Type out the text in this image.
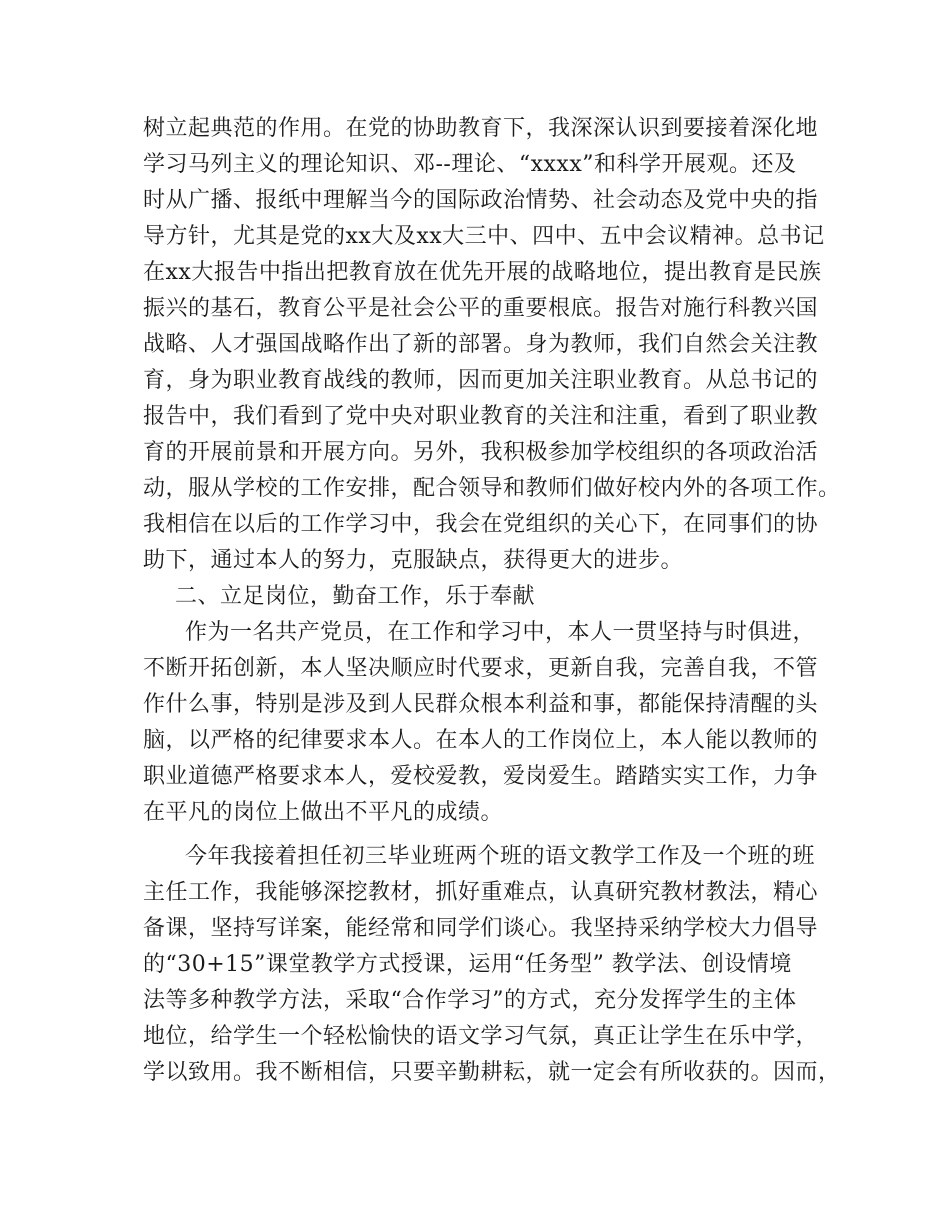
树立起典范的作用。在党的协助教育下，我深深认识到要接着深化地
学习马列主义的理论知识、邓--理论、“xxxx”和科学开展观。还及
时从广播、报纸中理解当今的国际政治情势、社会动态及党中央的指
导方针，尤其是党的xx大及xx大三中、四中、五中会议精神。总书记
在xx大报告中指出把教育放在优先开展的战略地位，提出教育是民族
振兴的基石，教育公平是社会公平的重要根底。报告对施行科教兴国
战略、人才强国战略作出了新的部署。身为教师，我们自然会关注教
育，身为职业教育战线的教师，因而更加关注职业教育。从总书记的
报告中，我们看到了党中央对职业教育的关注和注重，看到了职业教
育的开展前景和开展方向。另外，我积极参加学校组织的各项政治活
动，服从学校的工作安排，配合领导和教师们做好校内外的各项工作。
我相信在以后的工作学习中，我会在党组织的关心下，在同事们的协
助下，通过本人的努力，克服缺点，获得更大的进步。
二、立足岗位，勤奋工作，乐于奉献
作为一名共产党员，在工作和学习中，本人一贯坚持与时俱进，
不断开拓创新，本人坚决顺应时代要求，更新自我，完善自我，不管
作什么事，特别是涉及到人民群众根本利益和事，都能保持清醒的头
脑，以严格的纪律要求本人。在本人的工作岗位上，本人能以教师的
职业道德严格要求本人，爱校爱教，爱岗爱生。踏踏实实工作，力争
在平凡的岗位上做出不平凡的成绩。
今年我接着担任初三毕业班两个班的语文教学工作及一个班的班
主任工作，我能够深挖教材，抓好重难点，认真研究教材教法，精心
备课，坚持写详案，能经常和同学们谈心。我坚持采纳学校大力倡导
的“30+15”课堂教学方式授课，运用“任务型” 教学法、创设情境
法等多种教学方法，采取“合作学习”的方式，充分发挥学生的主体
地位，给学生一个轻松愉快的语文学习气氛，真正让学生在乐中学，
学以致用。我不断相信，只要辛勤耕耘，就一定会有所收获的。因而，
